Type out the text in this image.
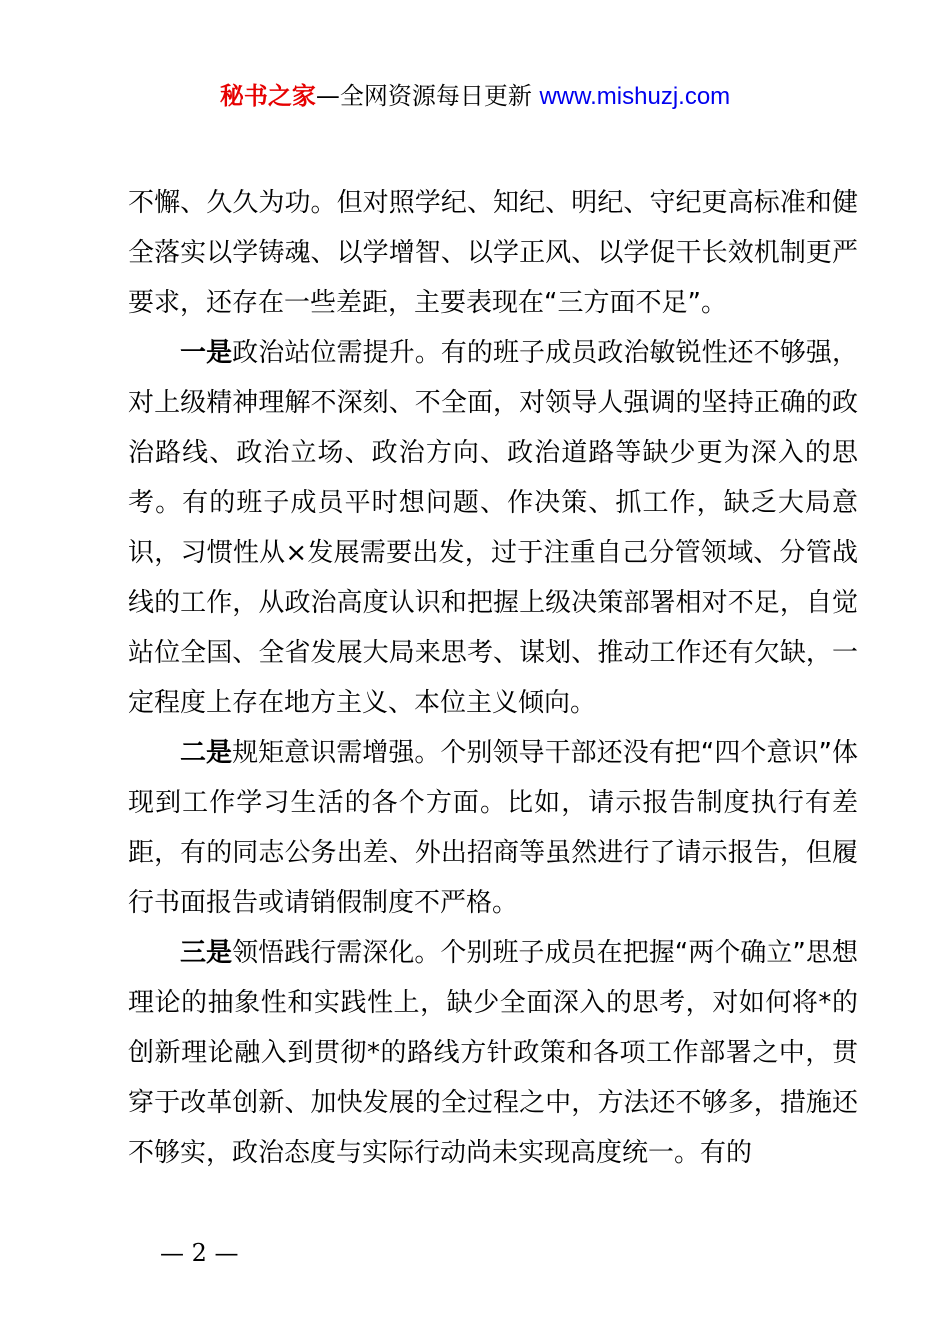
秘书之家—全网资源每日更新 www.mishuzj.com

不懈、久久为功。但对照学纪、知纪、明纪、守纪更高标准和健全落实以学铸魂、以学增智、以学正风、以学促干长效机制更严要求，还存在一些差距，主要表现在“三方面不足”。

一是政治站位需提升。有的班子成员政治敏锐性还不够强，对上级精神理解不深刻、不全面，对领导人强调的坚持正确的政治路线、政治立场、政治方向、政治道路等缺少更为深入的思考。有的班子成员平时想问题、作决策、抓工作，缺乏大局意识，习惯性从×发展需要出发，过于注重自己分管领域、分管战线的工作，从政治高度认识和把握上级决策部署相对不足，自觉站位全国、全省发展大局来思考、谋划、推动工作还有欠缺，一定程度上存在地方主义、本位主义倾向。

二是规矩意识需增强。个别领导干部还没有把“四个意识”体现到工作学习生活的各个方面。比如，请示报告制度执行有差距，有的同志公务出差、外出招商等虽然进行了请示报告，但履行书面报告或请销假制度不严格。

三是领悟践行需深化。个别班子成员在把握“两个确立”思想理论的抽象性和实践性上，缺少全面深入的思考，对如何将*的创新理论融入到贯彻*的路线方针政策和各项工作部署之中，贯穿于改革创新、加快发展的全过程之中，方法还不够多，措施还不够实，政治态度与实际行动尚未实现高度统一。有的

— 2 —
